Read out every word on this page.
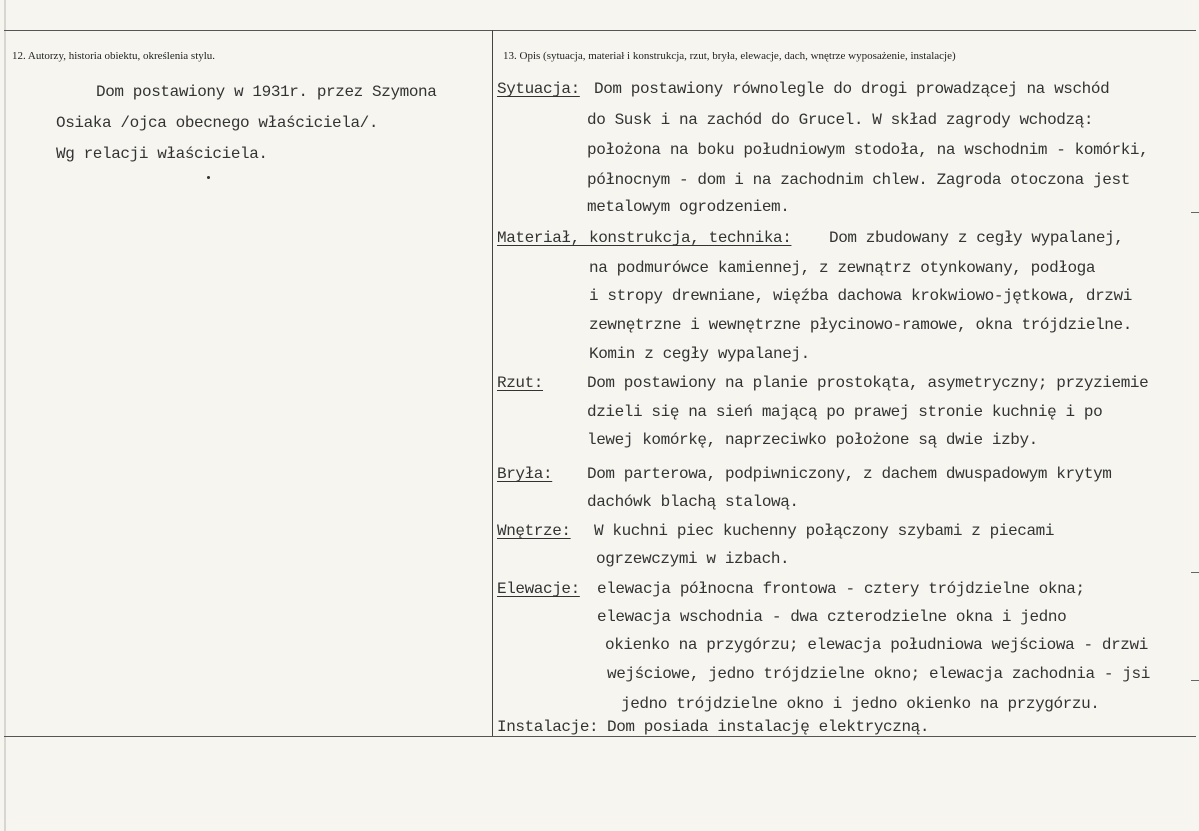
12. Autorzy, historia obiektu, określenia stylu.
Dom postawiony w 1931r. przez Szymona
Osiaka /ojca obecnego właściciela/.
Wg relacji właściciela.
13. Opis (sytuacja, materiał i konstrukcja, rzut, bryła, elewacje, dach, wnętrze wyposażenie, instalacje)
Sytuacja: Dom postawiony równolegle do drogi prowadzącej na wschód
do Susk i na zachód do Grucel. W skład zagrody wchodzą:
położona na boku południowym stodoła, na wschodnim - komórki,
północnym - dom i na zachodnim chlew. Zagroda otoczona jest
metalowym ogrodzeniem.
Materiał, konstrukcja, technika: Dom zbudowany z cegły wypalanej,
na podmurówce kamiennej, z zewnątrz otynkowany, podłoga
i stropy drewniane, więźba dachowa krokwiowo-jętkowa, drzwi
zewnętrzne i wewnętrzne płycinowo-ramowe, okna trójdzielne.
Komin z cegły wypalanej.
Rzut:	Dom postawiony na planie prostokąta, asymetryczny; przyziemie
dzieli się na sień mającą po prawej stronie kuchnię i po
lewej komórkę, naprzeciwko położone są dwie izby.
Bryła: Dom parterowa, podpiwniczony, z dachem dwuspadowym krytym
dachówk blachą stalową.
Wnętrze: W kuchni piec kuchenny połączony szybami z piecami
ogrzewczymi w izbach.
Elewacje: elewacja północna frontowa - cztery trójdzielne okna;
elewacja wschodnia - dwa czterodzielne okna i jedno
okienko na przygórzu; elewacja południowa wejściowa - drzwi
wejściowe, jedno trójdzielne okno; elewacja zachodnia - jsi
jedno trójdzielne okno i jedno okienko na przygórzu.
Instalacje: Dom posiada instalację elektryczną.
